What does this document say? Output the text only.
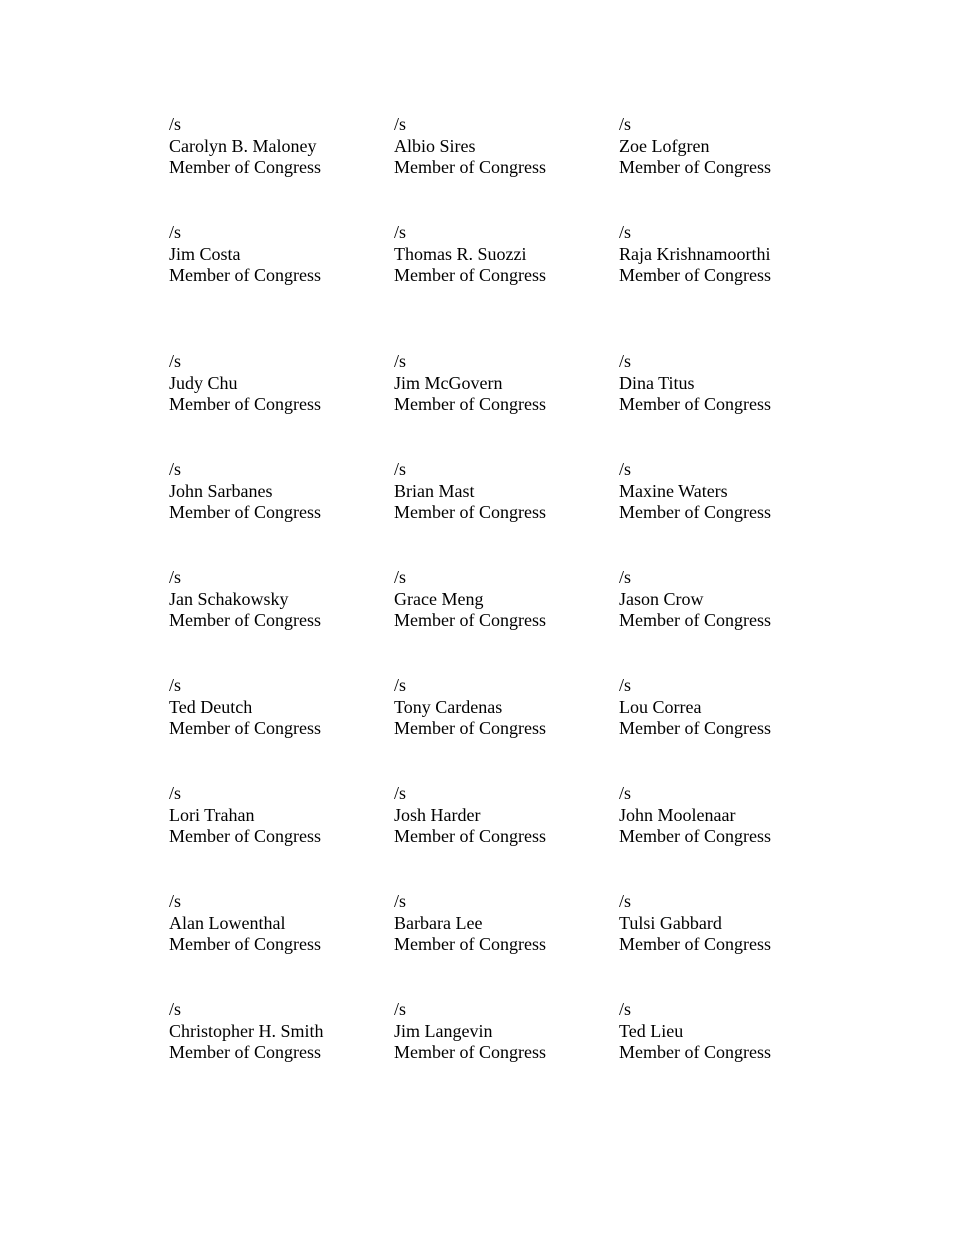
/s
Carolyn B. Maloney
Member of Congress
/s
Albio Sires
Member of Congress
/s
Zoe Lofgren
Member of Congress
/s
Jim Costa
Member of Congress
/s
Thomas R. Suozzi
Member of Congress
/s
Raja Krishnamoorthi
Member of Congress
/s
Judy Chu
Member of Congress
/s
Jim McGovern
Member of Congress
/s
Dina Titus
Member of Congress
/s
John Sarbanes
Member of Congress
/s
Brian Mast
Member of Congress
/s
Maxine Waters
Member of Congress
/s
Jan Schakowsky
Member of Congress
/s
Grace Meng
Member of Congress
/s
Jason Crow
Member of Congress
/s
Ted Deutch
Member of Congress
/s
Tony Cardenas
Member of Congress
/s
Lou Correa
Member of Congress
/s
Lori Trahan
Member of Congress
/s
Josh Harder
Member of Congress
/s
John Moolenaar
Member of Congress
/s
Alan Lowenthal
Member of Congress
/s
Barbara Lee
Member of Congress
/s
Tulsi Gabbard
Member of Congress
/s
Christopher H. Smith
Member of Congress
/s
Jim Langevin
Member of Congress
/s
Ted Lieu
Member of Congress
